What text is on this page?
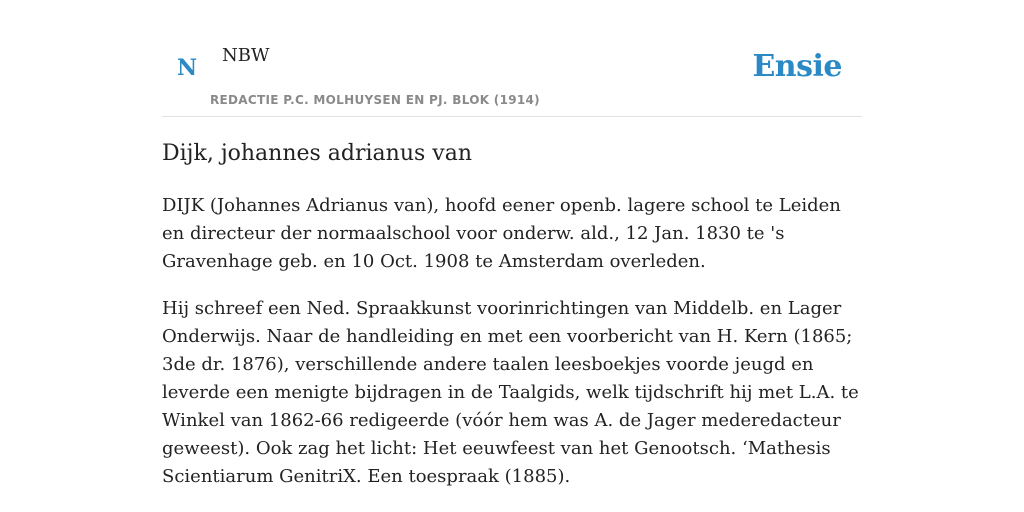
N NBW
REDACTIE P.C. MOLHUYSEN EN PJ. BLOK (1914)
Ensie
Dijk, johannes adrianus van

DIJK (Johannes Adrianus van), hoofd eener openb. lagere school te Leiden en directeur der normaalschool voor onderw. ald., 12 Jan. 1830 te 's Gravenhage geb. en 10 Oct. 1908 te Amsterdam overleden.

Hij schreef een Ned. Spraakkunst voorinrichtingen van Middelb. en Lager Onderwijs. Naar de handleiding en met een voorbericht van H. Kern (1865; 3de dr. 1876), verschillende andere taalen leesboekjes voorde jeugd en leverde een menigte bijdragen in de Taalgids, welk tijdschrift hij met L.A. te Winkel van 1862-66 redigeerde (vóór hem was A. de Jager mederedacteur geweest). Ook zag het licht: Het eeuwfeest van het Genootsch. ‘Mathesis Scientiarum GenitriX. Een toespraak (1885).
